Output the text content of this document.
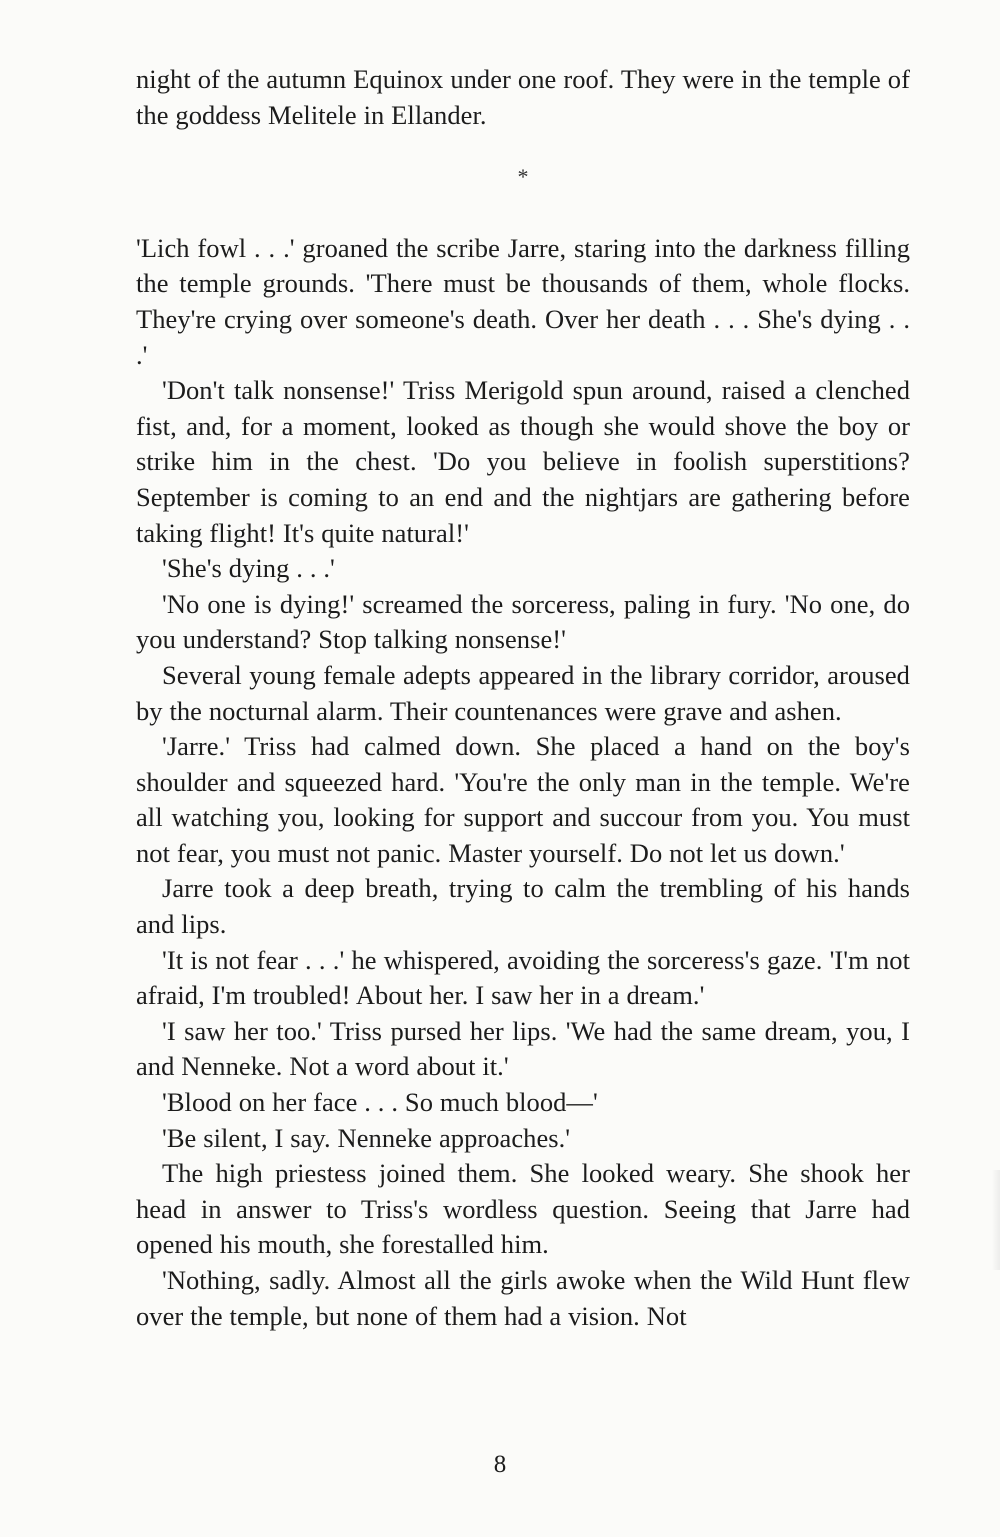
night of the autumn Equinox under one roof. They were in the temple of the goddess Melitele in Ellander.

*

'Lich fowl . . .' groaned the scribe Jarre, staring into the darkness filling the temple grounds. 'There must be thousands of them, whole flocks. They're crying over someone's death. Over her death . . . She's dying . . .'

'Don't talk nonsense!' Triss Merigold spun around, raised a clenched fist, and, for a moment, looked as though she would shove the boy or strike him in the chest. 'Do you believe in foolish superstitions? September is coming to an end and the nightjars are gathering before taking flight! It's quite natural!'

'She's dying . . .'

'No one is dying!' screamed the sorceress, paling in fury. 'No one, do you understand? Stop talking nonsense!'

Several young female adepts appeared in the library corridor, aroused by the nocturnal alarm. Their countenances were grave and ashen.

'Jarre.' Triss had calmed down. She placed a hand on the boy's shoulder and squeezed hard. 'You're the only man in the temple. We're all watching you, looking for support and succour from you. You must not fear, you must not panic. Master yourself. Do not let us down.'

Jarre took a deep breath, trying to calm the trembling of his hands and lips.

'It is not fear . . .' he whispered, avoiding the sorceress's gaze. 'I'm not afraid, I'm troubled! About her. I saw her in a dream.'

'I saw her too.' Triss pursed her lips. 'We had the same dream, you, I and Nenneke. Not a word about it.'

'Blood on her face . . . So much blood—'

'Be silent, I say. Nenneke approaches.'

The high priestess joined them. She looked weary. She shook her head in answer to Triss's wordless question. Seeing that Jarre had opened his mouth, she forestalled him.

'Nothing, sadly. Almost all the girls awoke when the Wild Hunt flew over the temple, but none of them had a vision. Not

8
